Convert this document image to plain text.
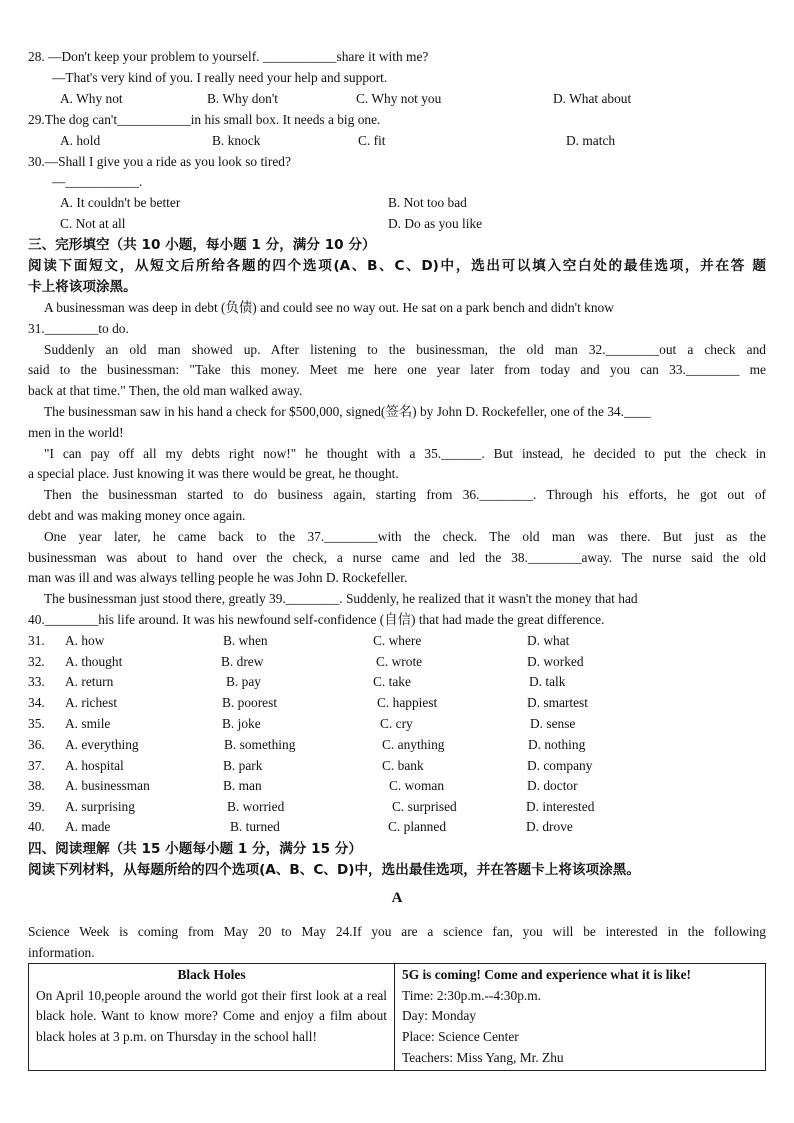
28. —Don't keep your problem to yourself. ___________share it with me?
—That's very kind of you. I really need your help and support.
A. Why not	B. Why don't	C. Why not you	D. What about
29.The dog can't___________in his small box. It needs a big one.
A. hold	B. knock	C. fit	D. match
30.—Shall I give you a ride as you look so tired?
—___________.
A. It couldn't be better	B. Not too bad
C. Not at all	D. Do as you like
三、完形填空（共 10 小题，每小题 1 分，满分 10 分）
阅读下面短文，从短文后所给各题的四个选项(A、B、C、D)中，选出可以填入空白处的最佳选项，并在答 题
卡上将该项涂黑。
A businessman was deep in debt (负债) and could see no way out. He sat on a park bench and didn't know
31.________to do.
Suddenly an old man showed up. After listening to the businessman, the old man 32.________out a check and
said to the businessman: "Take this money. Meet me here one year later from today and you can 33.________ me
back at that time." Then, the old man walked away.
The businessman saw in his hand a check for $500,000, signed(签名) by John D. Rockefeller, one of the 34.____
men in the world!
"I can pay off all my debts right now!" he thought with a 35.______. But instead, he decided to put the check in
a special place. Just knowing it was there would be great, he thought.
Then the businessman started to do business again, starting from 36.________. Through his efforts, he got out of
debt and was making money once again.
One year later, he came back to the 37.________with the check. The old man was there. But just as the
businessman was about to hand over the check, a nurse came and led the 38.________away. The nurse said the old
man was ill and was always telling people he was John D. Rockefeller.
The businessman just stood there, greatly 39.________. Suddenly, he realized that it wasn't the money that had
40.________his life around. It was his newfound self-confidence (自信) that had made the great difference.
31. A. how	B. when	C. where	D. what
32. A. thought	B. drew	C. wrote	D. worked
33. A. return	B. pay	C. take	D. talk
34. A. richest	B. poorest	C. happiest	D. smartest
35. A. smile	B. joke	C. cry	D. sense
36. A. everything	B. something	C. anything	D. nothing
37. A. hospital	B. park	C. bank	D. company
38. A. businessman	B. man	C. woman	D. doctor
39. A. surprising	B. worried	C. surprised	D. interested
40. A. made	B. turned	C. planned	D. drove
四、阅读理解（共 15 小题每小题 1 分，满分 15 分）
阅读下列材料，从每题所给的四个选项(A、B、C、D)中，选出最佳选项，并在答题卡上将该项涂黑。
A
Science Week is coming from May 20 to May 24.If you are a science fan, you will be interested in the following
information.
Black Holes
On April 10,people around the world got their first look at a real black hole. Want to know more? Come and enjoy a film about black holes at 3 p.m. on Thursday in the school hall!

5G is coming! Come and experience what it is like!
Time: 2:30p.m.--4:30p.m.
Day: Monday
Place: Science Center
Teachers: Miss Yang, Mr. Zhu
